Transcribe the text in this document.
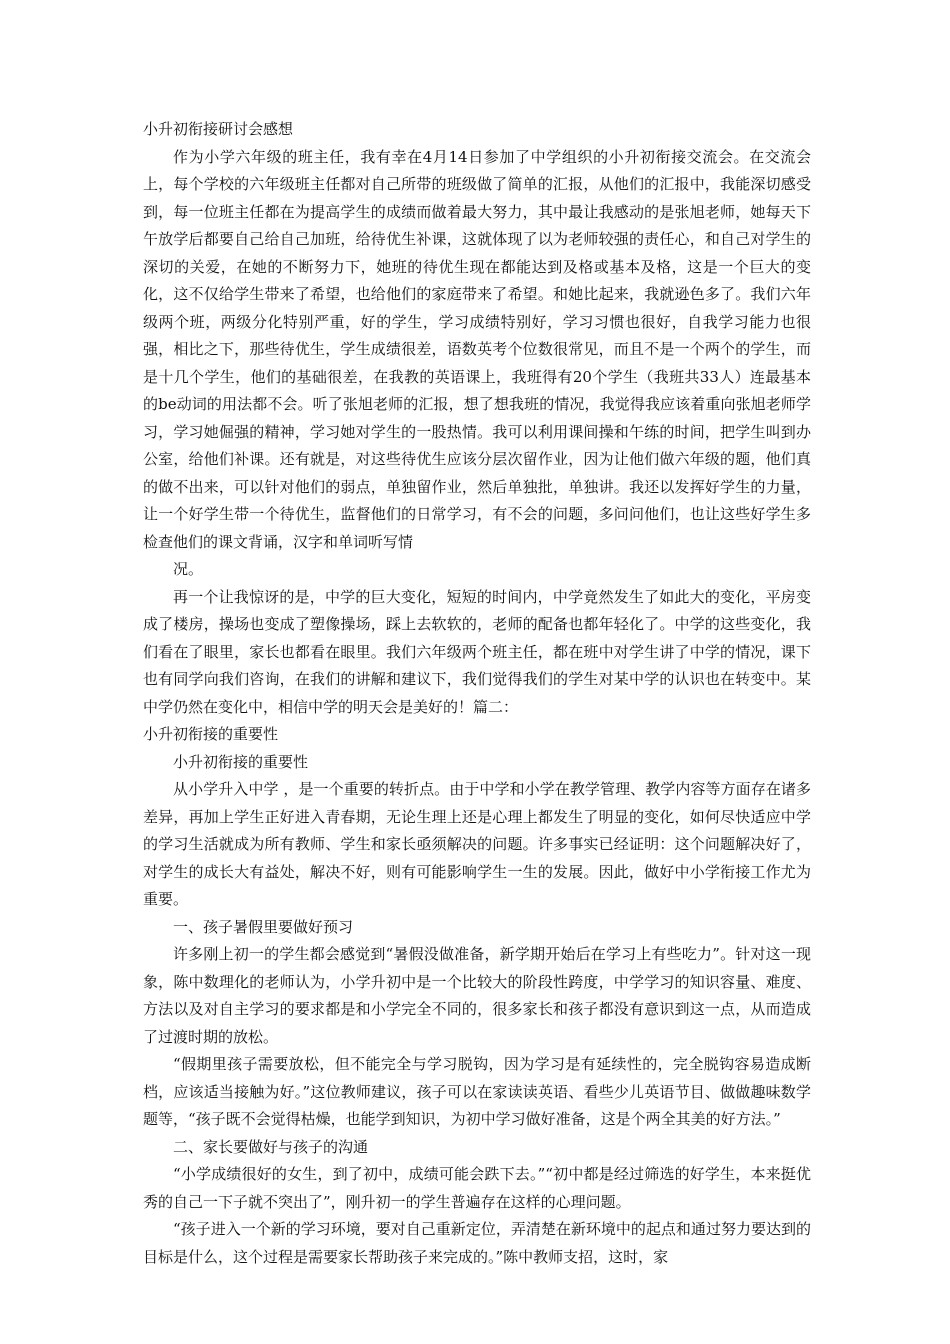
小升初衔接研讨会感想

作为小学六年级的班主任，我有幸在4月14日参加了中学组织的小升初衔接交流会。在交流会上，每个学校的六年级班主任都对自己所带的班级做了简单的汇报，从他们的汇报中，我能深切感受到，每一位班主任都在为提高学生的成绩而做着最大努力，其中最让我感动的是张旭老师，她每天下午放学后都要自己给自己加班，给待优生补课，这就体现了以为老师较强的责任心，和自己对学生的深切的关爱，在她的不断努力下，她班的待优生现在都能达到及格或基本及格，这是一个巨大的变化，这不仅给学生带来了希望，也给他们的家庭带来了希望。和她比起来，我就逊色多了。我们六年级两个班，两级分化特别严重，好的学生，学习成绩特别好，学习习惯也很好，自我学习能力也很强，相比之下，那些待优生，学生成绩很差，语数英考个位数很常见，而且不是一个两个的学生，而是十几个学生，他们的基础很差，在我教的英语课上，我班得有20个学生（我班共33人）连最基本的be动词的用法都不会。听了张旭老师的汇报，想了想我班的情况，我觉得我应该着重向张旭老师学习，学习她倔强的精神，学习她对学生的一股热情。我可以利用课间操和午练的时间，把学生叫到办公室，给他们补课。还有就是，对这些待优生应该分层次留作业，因为让他们做六年级的题，他们真的做不出来，可以针对他们的弱点，单独留作业，然后单独批，单独讲。我还以发挥好学生的力量，让一个好学生带一个待优生，监督他们的日常学习，有不会的问题，多问问他们，也让这些好学生多检查他们的课文背诵，汉字和单词听写情

况。

再一个让我惊讶的是，中学的巨大变化，短短的时间内，中学竟然发生了如此大的变化，平房变成了楼房，操场也变成了塑像操场，踩上去软软的，老师的配备也都年轻化了。中学的这些变化，我们看在了眼里，家长也都看在眼里。我们六年级两个班主任，都在班中对学生讲了中学的情况，课下也有同学向我们咨询，在我们的讲解和建议下，我们觉得我们的学生对某中学的认识也在转变中。某中学仍然在变化中，相信中学的明天会是美好的！篇二：

小升初衔接的重要性

小升初衔接的重要性

从小学升入中学 ，是一个重要的转折点。由于中学和小学在教学管理、教学内容等方面存在诸多差异，再加上学生正好进入青春期，无论生理上还是心理上都发生了明显的变化，如何尽快适应中学的学习生活就成为所有教师、学生和家长亟须解决的问题。许多事实已经证明：这个问题解决好了，对学生的成长大有益处，解决不好，则有可能影响学生一生的发展。因此，做好中小学衔接工作尤为重要。

一、孩子暑假里要做好预习

许多刚上初一的学生都会感觉到“暑假没做准备，新学期开始后在学习上有些吃力”。针对这一现象，陈中数理化的老师认为，小学升初中是一个比较大的阶段性跨度，中学学习的知识容量、难度、方法以及对自主学习的要求都是和小学完全不同的，很多家长和孩子都没有意识到这一点，从而造成了过渡时期的放松。

“假期里孩子需要放松，但不能完全与学习脱钩，因为学习是有延续性的，完全脱钩容易造成断档，应该适当接触为好。”这位教师建议，孩子可以在家读读英语、看些少儿英语节目、做做趣味数学题等，“孩子既不会觉得枯燥，也能学到知识，为初中学习做好准备，这是个两全其美的好方法。”

二、家长要做好与孩子的沟通

“小学成绩很好的女生，到了初中，成绩可能会跌下去。”“初中都是经过筛选的好学生，本来挺优秀的自己一下子就不突出了”，刚升初一的学生普遍存在这样的心理问题。

“孩子进入一个新的学习环境，要对自己重新定位，弄清楚在新环境中的起点和通过努力要达到的目标是什么，这个过程是需要家长帮助孩子来完成的。”陈中教师支招，这时，家
